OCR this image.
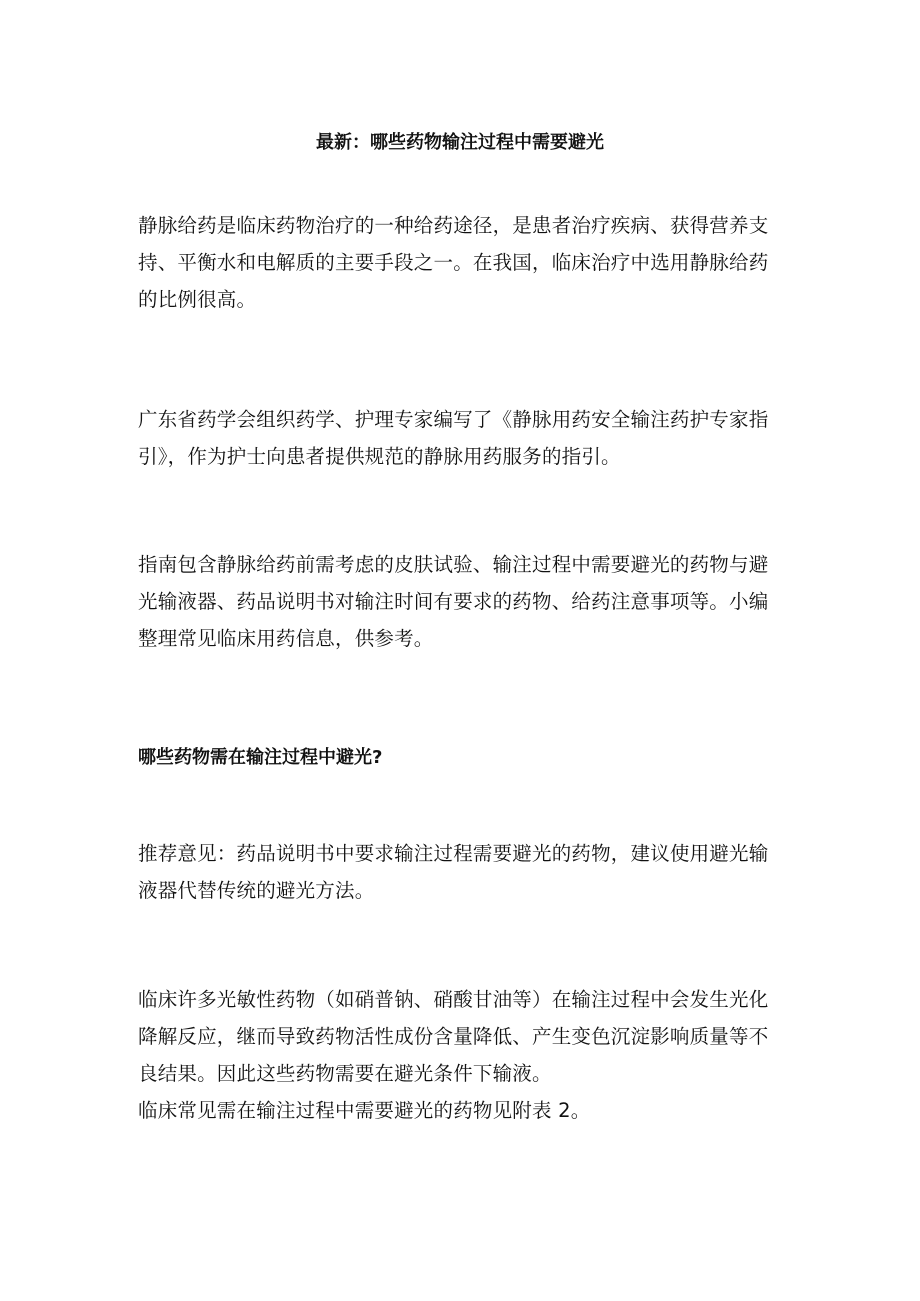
最新：哪些药物输注过程中需要避光

静脉给药是临床药物治疗的一种给药途径，是患者治疗疾病、获得营养支
持、平衡水和电解质的主要手段之一。在我国，临床治疗中选用静脉给药
的比例很高。

广东省药学会组织药学、护理专家编写了《静脉用药安全输注药护专家指
引》，作为护士向患者提供规范的静脉用药服务的指引。

指南包含静脉给药前需考虑的皮肤试验、输注过程中需要避光的药物与避
光输液器、药品说明书对输注时间有要求的药物、给药注意事项等。小编
整理常见临床用药信息，供参考。

哪些药物需在输注过程中避光?

推荐意见：药品说明书中要求输注过程需要避光的药物，建议使用避光输
液器代替传统的避光方法。

临床许多光敏性药物（如硝普钠、硝酸甘油等）在输注过程中会发生光化
降解反应，继而导致药物活性成份含量降低、产生变色沉淀影响质量等不
良结果。因此这些药物需要在避光条件下输液。
临床常见需在输注过程中需要避光的药物见附表 2。
